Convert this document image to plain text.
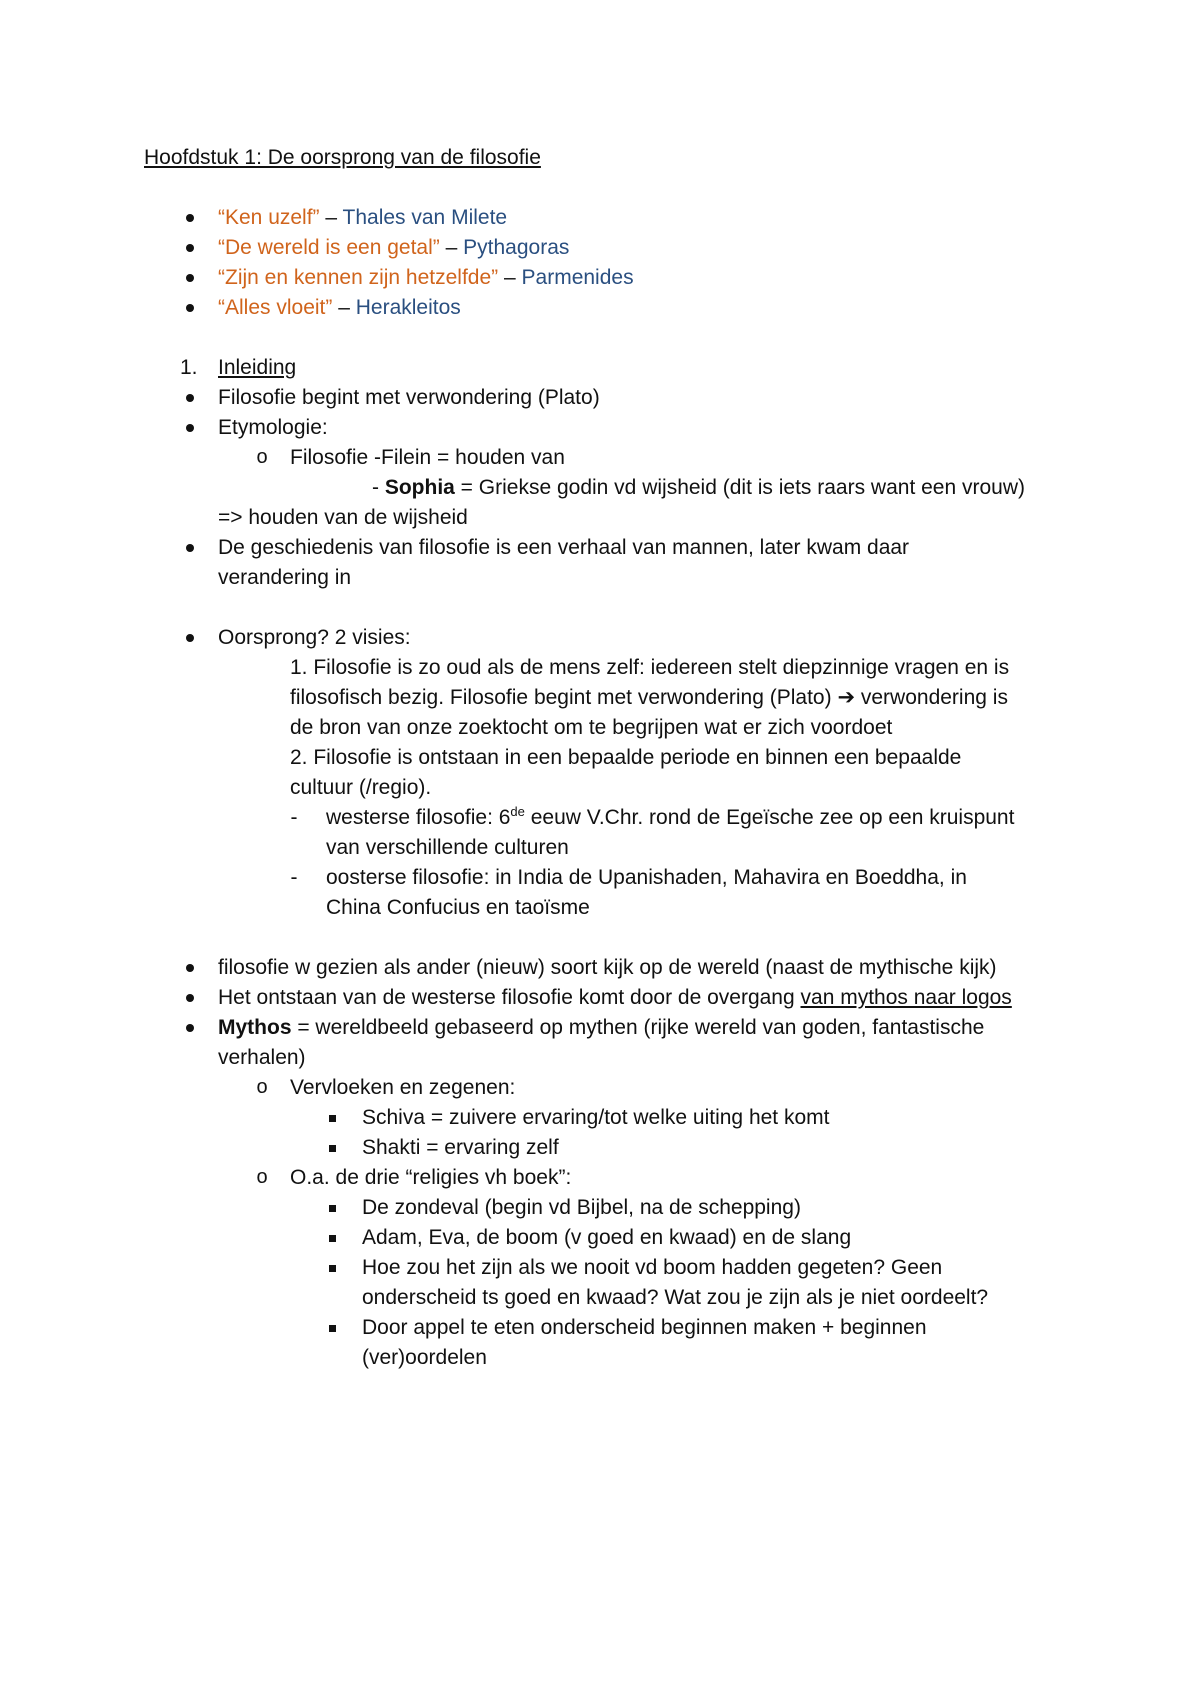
Hoofdstuk 1: De oorsprong van de filosofie
“Ken uzelf” – Thales van Milete
“De wereld is een getal” – Pythagoras
“Zijn en kennen zijn hetzelfde” – Parmenides
“Alles vloeit” – Herakleitos
1. Inleiding
Filosofie begint met verwondering (Plato)
Etymologie:
o	Filosofie -Filein = houden van
- Sophia = Griekse godin vd wijsheid (dit is iets raars want een vrouw)
=> houden van de wijsheid
De geschiedenis van filosofie is een verhaal van mannen, later kwam daar
verandering in
Oorsprong? 2 visies:
1. Filosofie is zo oud als de mens zelf: iedereen stelt diepzinnige vragen en is
filosofisch bezig. Filosofie begint met verwondering (Plato) ➔ verwondering is
de bron van onze zoektocht om te begrijpen wat er zich voordoet
2. Filosofie is ontstaan in een bepaalde periode en binnen een bepaalde
cultuur (/regio).
-	westerse filosofie: 6de eeuw V.Chr. rond de Egeïsche zee op een kruispunt
van verschillende culturen
-	oosterse filosofie: in India de Upanishaden, Mahavira en Boeddha, in
China Confucius en taoïsme
filosofie w gezien als ander (nieuw) soort kijk op de wereld (naast de mythische kijk)
Het ontstaan van de westerse filosofie komt door de overgang van mythos naar logos
Mythos = wereldbeeld gebaseerd op mythen (rijke wereld van goden, fantastische
verhalen)
o	Vervloeken en zegenen:
Schiva = zuivere ervaring/tot welke uiting het komt
Shakti = ervaring zelf
o	O.a. de drie “religies vh boek”:
De zondeval (begin vd Bijbel, na de schepping)
Adam, Eva, de boom (v goed en kwaad) en de slang
Hoe zou het zijn als we nooit vd boom hadden gegeten? Geen
onderscheid ts goed en kwaad? Wat zou je zijn als je niet oordeelt?
Door appel te eten onderscheid beginnen maken + beginnen
(ver)oordelen
